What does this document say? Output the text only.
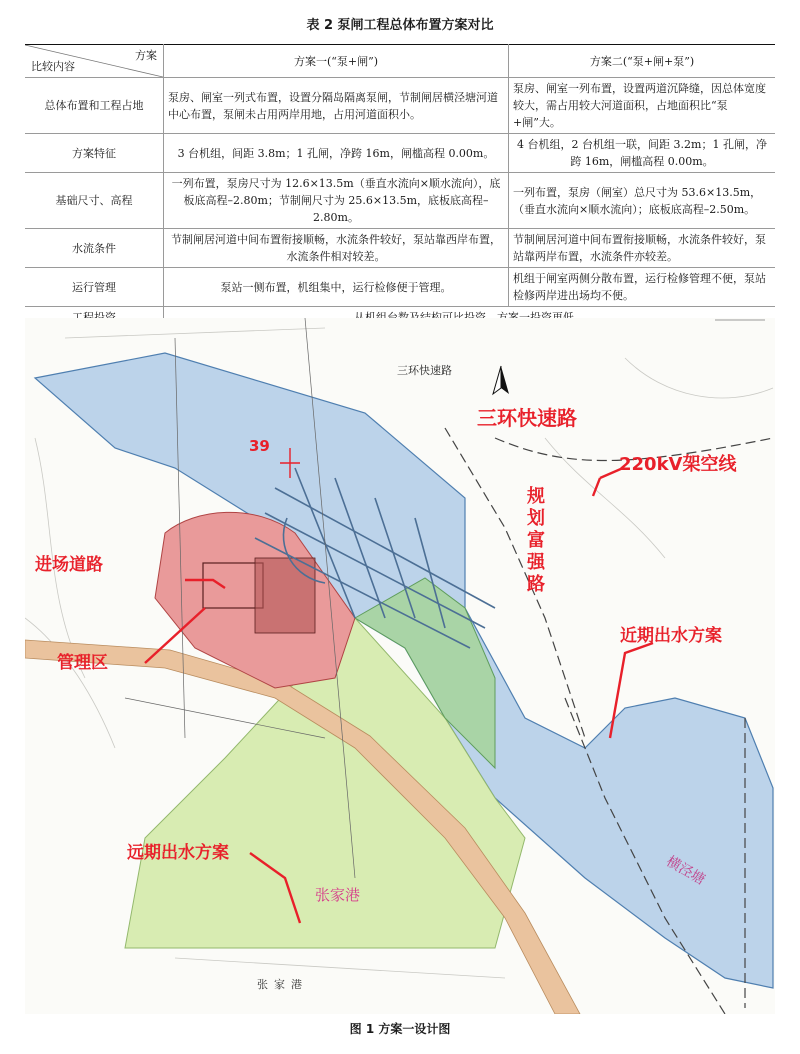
表 2 泵闸工程总体布置方案对比
方案
比较内容	方案一(“泵+闸”)	方案二(“泵+闸+泵”)
总体布置和工程占地	泵房、闸室一列式布置，设置分隔岛隔离泵闸，节制闸居横泾塘河道中心布置，泵闸未占用两岸用地，占用河道面积小。	泵房、闸室一列布置，设置两道沉降缝，因总体宽度较大，需占用较大河道面积，占地面积比“泵+闸”大。
方案特征	3 台机组，间距 3.8m；1 孔闸，净跨 16m，闸槛高程 0.00m。	4 台机组，2 台机组一联，间距 3.2m；1 孔闸，净跨 16m，闸槛高程 0.00m。
基础尺寸、高程	一列布置，泵房尺寸为 12.6×13.5m（垂直水流向×顺水流向），底板底高程–2.80m；节制闸尺寸为 25.6×13.5m，底板底高程–2.80m。	一列布置，泵房（闸室）总尺寸为 53.6×13.5m，（垂直水流向×顺水流向）；底板底高程–2.50m。
水流条件	节制闸居河道中间布置衔接顺畅，水流条件较好，泵站靠西岸布置，水流条件相对较差。	节制闸居河道中间布置衔接顺畅，水流条件较好，泵站靠两岸布置，水流条件亦较差。
运行管理	泵站一侧布置，机组集中，运行检修便于管理。	机组于闸室两侧分散布置，运行检修管理不便，泵站检修两岸进出场均不便。

三环快速路
三环快速路
220kV架空线
规划富强路
进场道路
管理区
近期出水方案
远期出水方案
张家港
张家港
横泾塘
39
图 1 方案一设计图
